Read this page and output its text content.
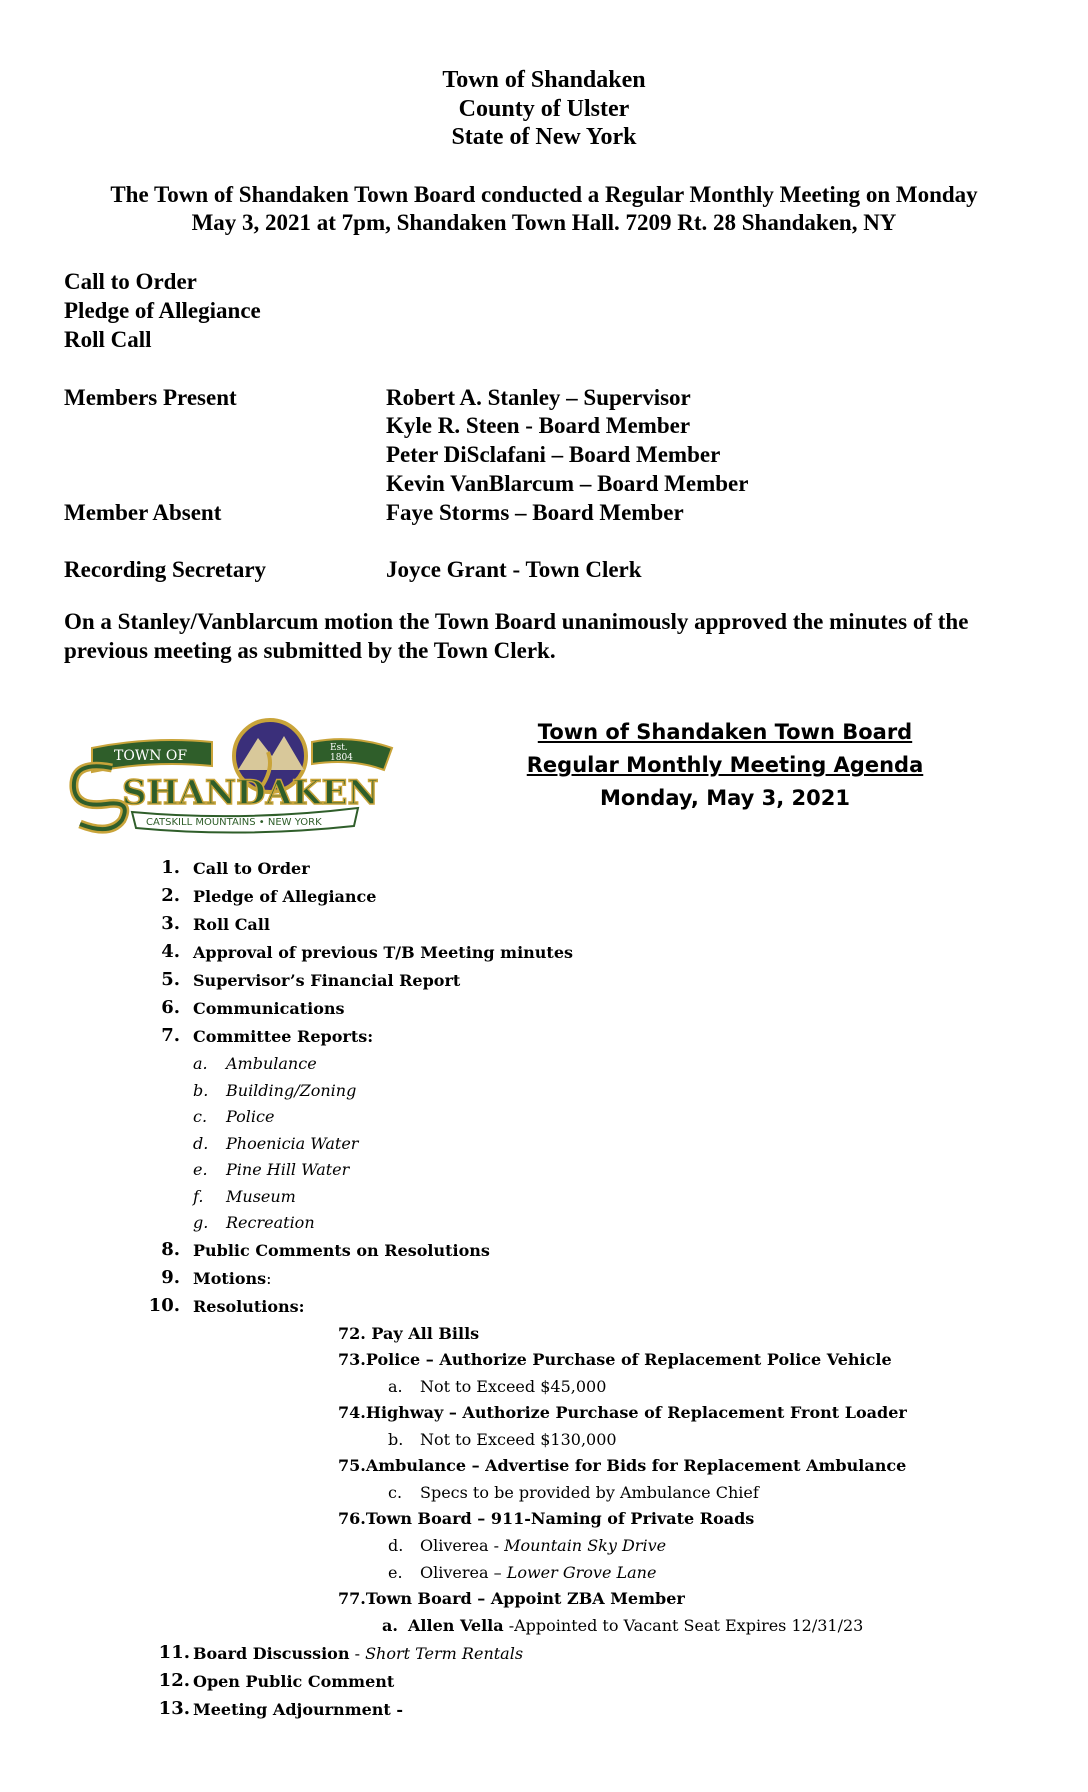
Town of Shandaken
County of Ulster
State of New York
The Town of Shandaken Town Board conducted a Regular Monthly Meeting on Monday
May 3, 2021 at 7pm, Shandaken Town Hall. 7209 Rt. 28 Shandaken, NY
Call to Order
Pledge of Allegiance
Roll Call
Members Present	Robert A. Stanley – Supervisor
Kyle R. Steen - Board Member
Peter DiSclafani – Board Member
Kevin VanBlarcum – Board Member
Member Absent	Faye Storms – Board Member
Recording Secretary	Joyce Grant - Town Clerk
On a Stanley/Vanblarcum motion the Town Board unanimously approved the minutes of the previous meeting as submitted by the Town Clerk.
TOWN OF	Est.
1804
SHANDAKEN
CATSKILL MOUNTAINS • NEW YORK
Town of Shandaken Town Board
Regular Monthly Meeting Agenda
Monday, May 3, 2021
1. Call to Order
2. Pledge of Allegiance
3. Roll Call
4. Approval of previous T/B Meeting minutes
5. Supervisor’s Financial Report
6. Communications
7. Committee Reports:
a. Ambulance
b. Building/Zoning
c. Police
d. Phoenicia Water
e. Pine Hill Water
f. Museum
g. Recreation
8. Public Comments on Resolutions
9. Motions:
10. Resolutions:
72. Pay All Bills
73.Police – Authorize Purchase of Replacement Police Vehicle
a. Not to Exceed $45,000
74.Highway – Authorize Purchase of Replacement Front Loader
b. Not to Exceed $130,000
75.Ambulance – Advertise for Bids for Replacement Ambulance
c. Specs to be provided by Ambulance Chief
76.Town Board – 911-Naming of Private Roads
d. Oliverea - Mountain Sky Drive
e. Oliverea – Lower Grove Lane
77.Town Board – Appoint ZBA Member
a. Allen Vella -Appointed to Vacant Seat Expires 12/31/23
11. Board Discussion - Short Term Rentals
12. Open Public Comment
13. Meeting Adjournment -
